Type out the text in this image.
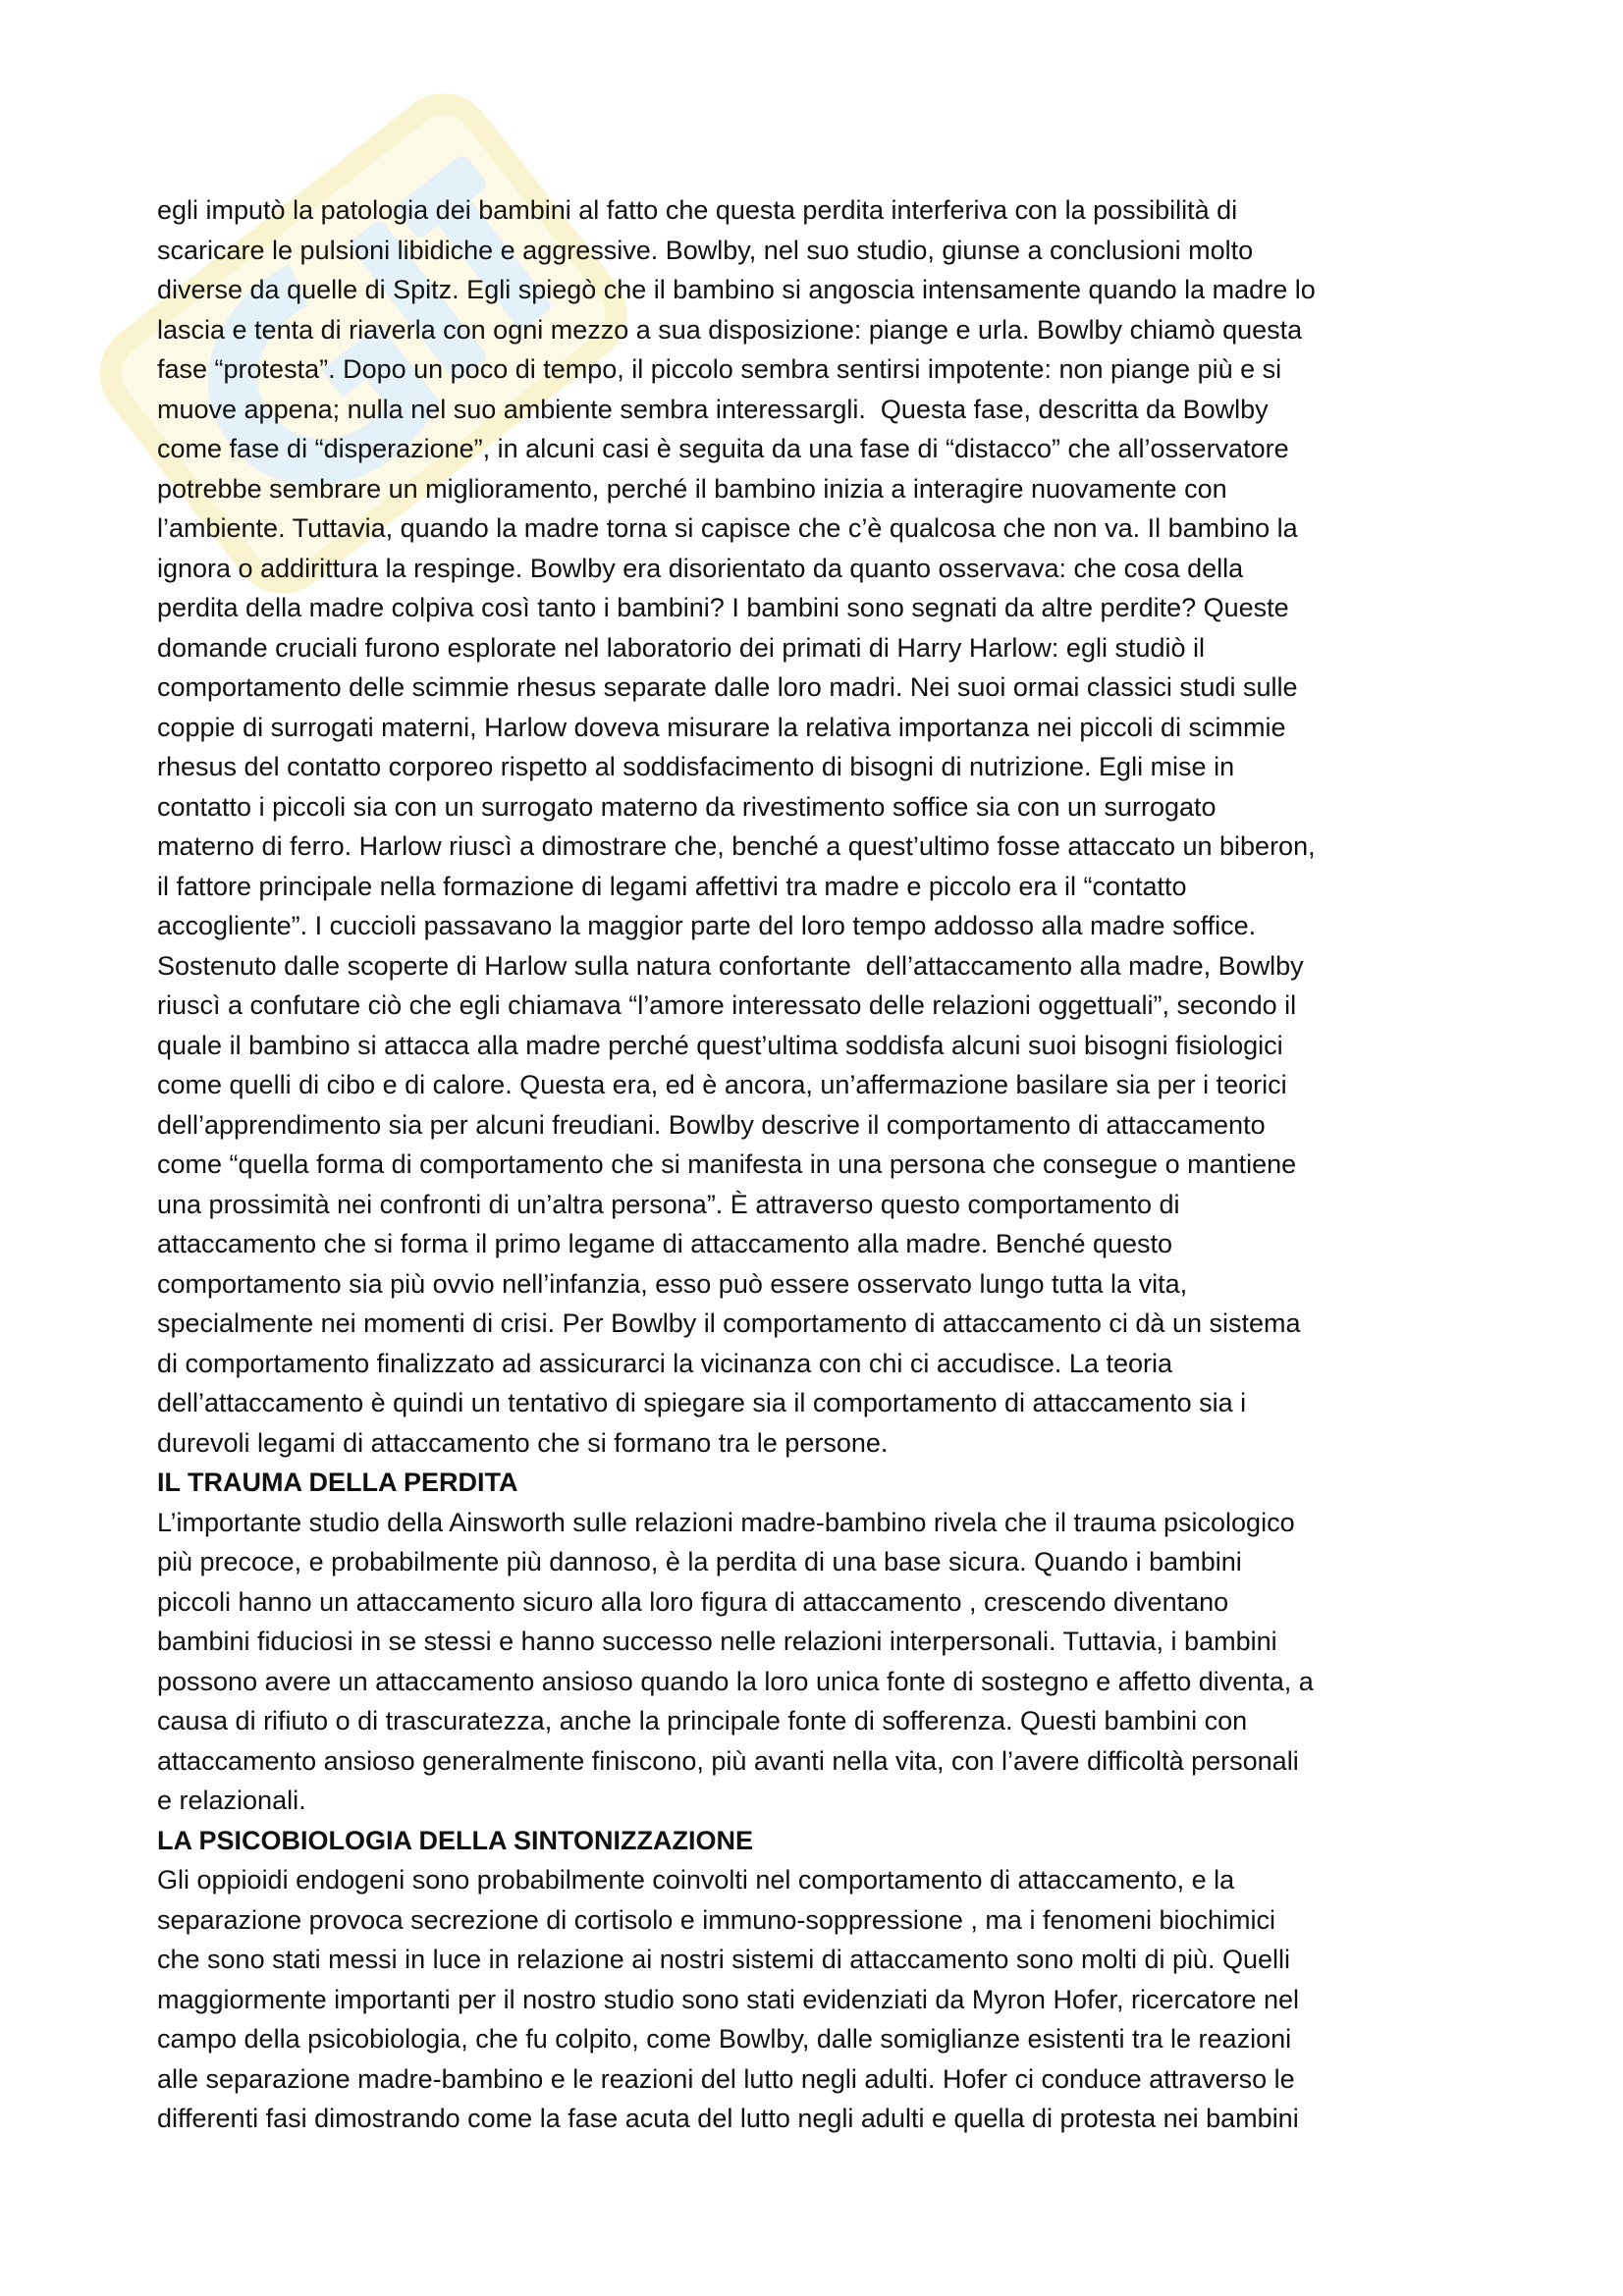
egli imputò la patologia dei bambini al fatto che questa perdita interferiva con la possibilità di
scaricare le pulsioni libidiche e aggressive. Bowlby, nel suo studio, giunse a conclusioni molto
diverse da quelle di Spitz. Egli spiegò che il bambino si angoscia intensamente quando la madre lo
lascia e tenta di riaverla con ogni mezzo a sua disposizione: piange e urla. Bowlby chiamò questa
fase “protesta”. Dopo un poco di tempo, il piccolo sembra sentirsi impotente: non piange più e si
muove appena; nulla nel suo ambiente sembra interessargli.  Questa fase, descritta da Bowlby
come fase di “disperazione”, in alcuni casi è seguita da una fase di “distacco” che all’osservatore
potrebbe sembrare un miglioramento, perché il bambino inizia a interagire nuovamente con
l’ambiente. Tuttavia, quando la madre torna si capisce che c’è qualcosa che non va. Il bambino la
ignora o addirittura la respinge. Bowlby era disorientato da quanto osservava: che cosa della
perdita della madre colpiva così tanto i bambini? I bambini sono segnati da altre perdite? Queste
domande cruciali furono esplorate nel laboratorio dei primati di Harry Harlow: egli studiò il
comportamento delle scimmie rhesus separate dalle loro madri. Nei suoi ormai classici studi sulle
coppie di surrogati materni, Harlow doveva misurare la relativa importanza nei piccoli di scimmie
rhesus del contatto corporeo rispetto al soddisfacimento di bisogni di nutrizione. Egli mise in
contatto i piccoli sia con un surrogato materno da rivestimento soffice sia con un surrogato
materno di ferro. Harlow riuscì a dimostrare che, benché a quest’ultimo fosse attaccato un biberon,
il fattore principale nella formazione di legami affettivi tra madre e piccolo era il “contatto
accogliente”. I cuccioli passavano la maggior parte del loro tempo addosso alla madre soffice.
Sostenuto dalle scoperte di Harlow sulla natura confortante  dell’attaccamento alla madre, Bowlby
riuscì a confutare ciò che egli chiamava “l’amore interessato delle relazioni oggettuali”, secondo il
quale il bambino si attacca alla madre perché quest’ultima soddisfa alcuni suoi bisogni fisiologici
come quelli di cibo e di calore. Questa era, ed è ancora, un’affermazione basilare sia per i teorici
dell’apprendimento sia per alcuni freudiani. Bowlby descrive il comportamento di attaccamento
come “quella forma di comportamento che si manifesta in una persona che consegue o mantiene
una prossimità nei confronti di un’altra persona”. È attraverso questo comportamento di
attaccamento che si forma il primo legame di attaccamento alla madre. Benché questo
comportamento sia più ovvio nell’infanzia, esso può essere osservato lungo tutta la vita,
specialmente nei momenti di crisi. Per Bowlby il comportamento di attaccamento ci dà un sistema
di comportamento finalizzato ad assicurarci la vicinanza con chi ci accudisce. La teoria
dell’attaccamento è quindi un tentativo di spiegare sia il comportamento di attaccamento sia i
durevoli legami di attaccamento che si formano tra le persone.
IL TRAUMA DELLA PERDITA
L’importante studio della Ainsworth sulle relazioni madre-bambino rivela che il trauma psicologico
più precoce, e probabilmente più dannoso, è la perdita di una base sicura. Quando i bambini
piccoli hanno un attaccamento sicuro alla loro figura di attaccamento , crescendo diventano
bambini fiduciosi in se stessi e hanno successo nelle relazioni interpersonali. Tuttavia, i bambini
possono avere un attaccamento ansioso quando la loro unica fonte di sostegno e affetto diventa, a
causa di rifiuto o di trascuratezza, anche la principale fonte di sofferenza. Questi bambini con
attaccamento ansioso generalmente finiscono, più avanti nella vita, con l’avere difficoltà personali
e relazionali.
LA PSICOBIOLOGIA DELLA SINTONIZZAZIONE
Gli oppioidi endogeni sono probabilmente coinvolti nel comportamento di attaccamento, e la
separazione provoca secrezione di cortisolo e immuno-soppressione , ma i fenomeni biochimici
che sono stati messi in luce in relazione ai nostri sistemi di attaccamento sono molti di più. Quelli
maggiormente importanti per il nostro studio sono stati evidenziati da Myron Hofer, ricercatore nel
campo della psicobiologia, che fu colpito, come Bowlby, dalle somiglianze esistenti tra le reazioni
alle separazione madre-bambino e le reazioni del lutto negli adulti. Hofer ci conduce attraverso le
differenti fasi dimostrando come la fase acuta del lutto negli adulti e quella di protesta nei bambini
